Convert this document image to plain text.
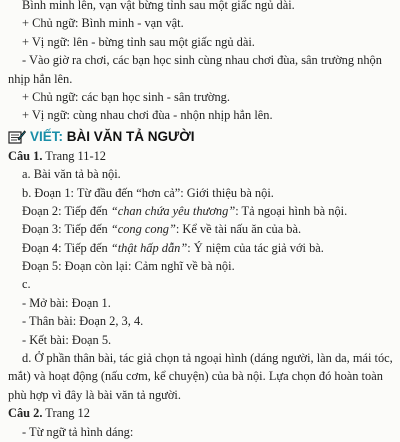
Bình minh lên, vạn vật bừng tỉnh sau một giấc ngủ dài.
+ Chủ ngữ: Bình minh - vạn vật.
+ Vị ngữ: lên - bừng tỉnh sau một giấc ngủ dài.
- Vào giờ ra chơi, các bạn học sinh cùng nhau chơi đùa, sân trường nhộn
nhịp hẳn lên.
+ Chủ ngữ: các bạn học sinh - sân trường.
+ Vị ngữ: cùng nhau chơi đùa - nhộn nhịp hẳn lên.
VIẾT: BÀI VĂN TẢ NGƯỜI
Câu 1. Trang 11-12
a. Bài văn tả bà nội.
b. Đoạn 1: Từ đầu đến “hơn cả”: Giới thiệu bà nội.
Đoạn 2: Tiếp đến “chan chứa yêu thương”: Tả ngoại hình bà nội.
Đoạn 3: Tiếp đến “cong cong”: Kể về tài nấu ăn của bà.
Đoạn 4: Tiếp đến “thật hấp dẫn”: Ý niệm của tác giả với bà.
Đoạn 5: Đoạn còn lại: Cảm nghĩ về bà nội.
c.
- Mở bài: Đoạn 1.
- Thân bài: Đoạn 2, 3, 4.
- Kết bài: Đoạn 5.
d. Ở phần thân bài, tác giả chọn tả ngoại hình (dáng người, làn da, mái tóc,
mắt) và hoạt động (nấu cơm, kể chuyện) của bà nội. Lựa chọn đó hoàn toàn
phù hợp vì đây là bài văn tả người.
Câu 2. Trang 12
- Từ ngữ tả hình dáng:
